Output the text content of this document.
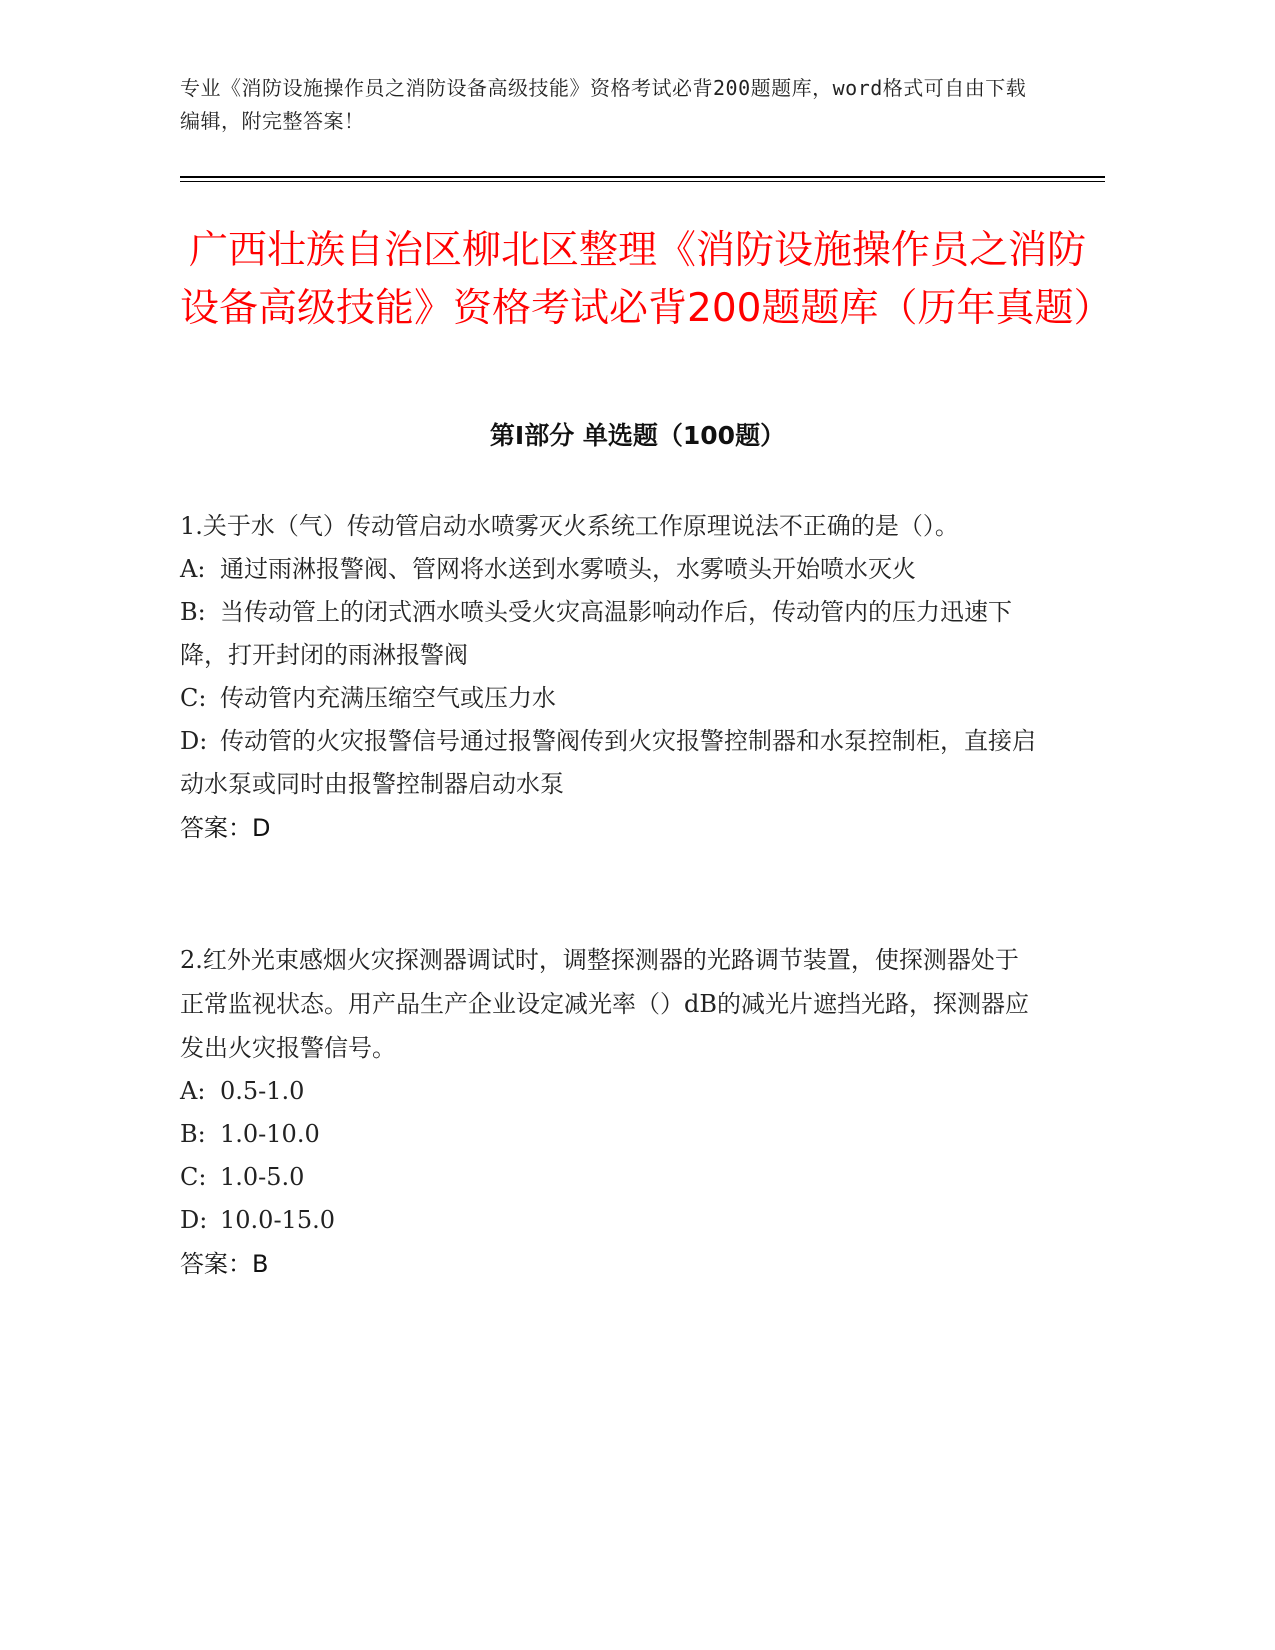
专业《消防设施操作员之消防设备高级技能》资格考试必背200题题库，word格式可自由下载编辑，附完整答案！
广西壮族自治区柳北区整理《消防设施操作员之消防设备高级技能》资格考试必背200题题库（历年真题）
第Ⅰ部分 单选题（100题）

1.关于水（气）传动管启动水喷雾灭火系统工作原理说法不正确的是（）。

A: 通过雨淋报警阀、管网将水送到水雾喷头，水雾喷头开始喷水灭火

B: 当传动管上的闭式洒水喷头受火灾高温影响动作后，传动管内的压力迅速下降，打开封闭的雨淋报警阀

C: 传动管内充满压缩空气或压力水

D: 传动管的火灾报警信号通过报警阀传到火灾报警控制器和水泵控制柜，直接启动水泵或同时由报警控制器启动水泵

答案：D

2.红外光束感烟火灾探测器调试时，调整探测器的光路调节装置，使探测器处于正常监视状态。用产品生产企业设定减光率（）dB的减光片遮挡光路，探测器应发出火灾报警信号。

A: 0.5-1.0

B: 1.0-10.0

C: 1.0-5.0

D: 10.0-15.0

答案：B
